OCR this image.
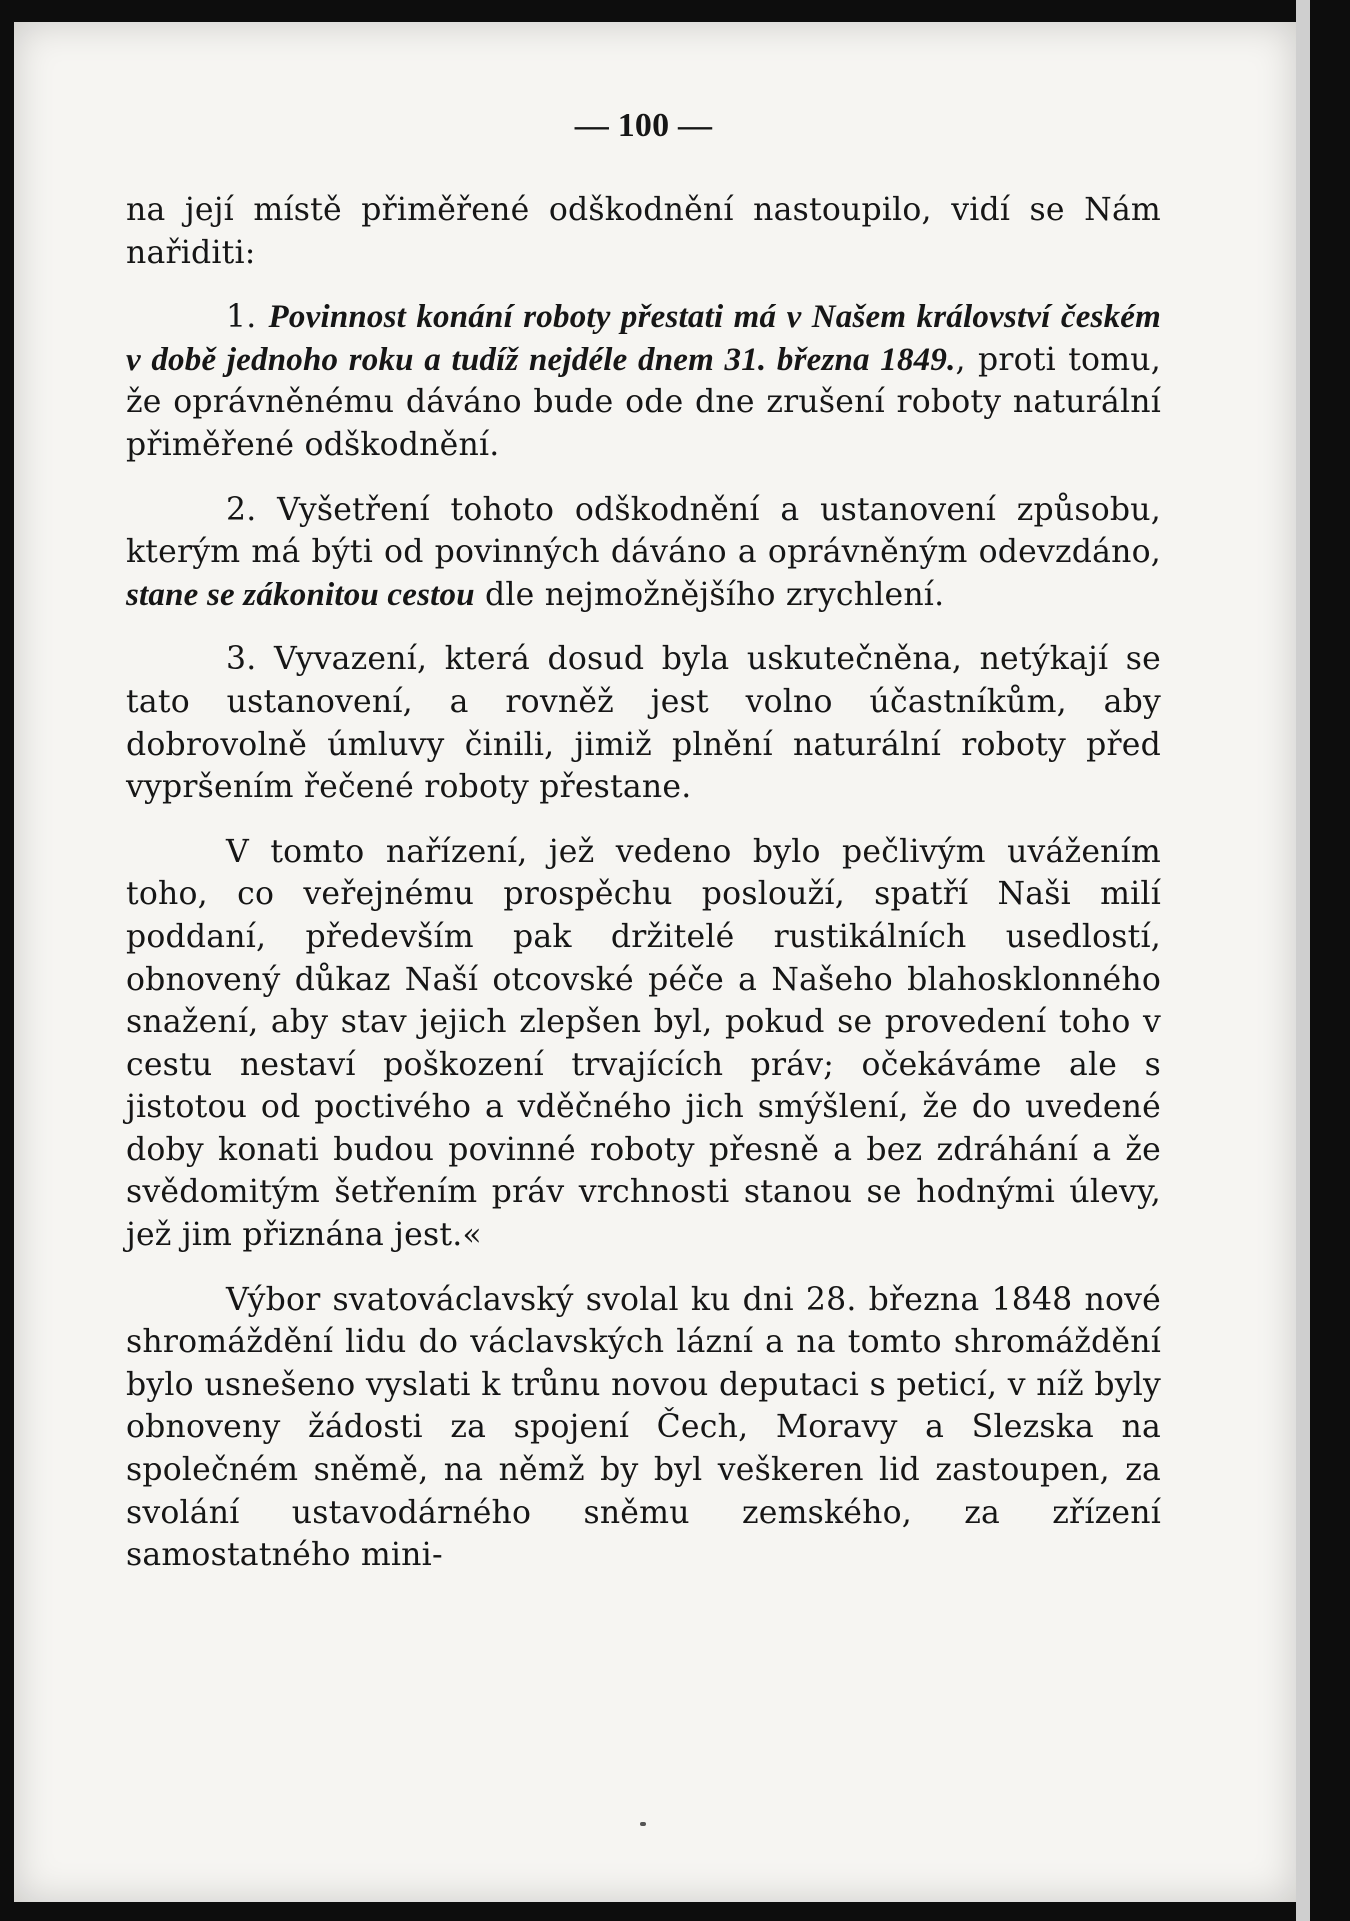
— 100 —

na její místě přiměřené odškodnění nastoupilo, vidí se Nám nařiditi:

1. Povinnost konání roboty přestati má v Našem království českém v době jednoho roku a tudíž nejdéle dnem 31. března 1849., proti tomu, že oprávněnému dáváno bude ode dne zrušení roboty naturální přiměřené odškodnění.

2. Vyšetření tohoto odškodnění a ustanovení způsobu, kterým má býti od povinných dáváno a oprávněným odevzdáno, stane se zákonitou cestou dle nejmožnějšího zrychlení.

3. Vyvazení, která dosud byla uskutečněna, netýkají se tato ustanovení, a rovněž jest volno účastníkům, aby dobrovolně úmluvy činili, jimiž plnění naturální roboty před vypršením řečené roboty přestane.

V tomto nařízení, jež vedeno bylo pečlivým uvážením toho, co veřejnému prospěchu poslouží, spatří Naši milí poddaní, především pak držitelé rustikálních usedlostí, obnovený důkaz Naší otcovské péče a Našeho blahosklonného snažení, aby stav jejich zlepšen byl, pokud se provedení toho v cestu nestaví poškození trvajících práv; očekáváme ale s jistotou od poctivého a vděčného jich smýšlení, že do uvedené doby konati budou povinné roboty přesně a bez zdráhání a že svědomitým šetřením práv vrchnosti stanou se hodnými úlevy, jež jim přiznána jest.«

Výbor svatováclavský svolal ku dni 28. března 1848 nové shromáždění lidu do václavských lázní a na tomto shromáždění bylo usnešeno vyslati k trůnu novou deputaci s peticí, v níž byly obnoveny žádosti za spojení Čech, Moravy a Slezska na společném sněmě, na němž by byl veškeren lid zastoupen, za svolání ustavodárného sněmu zemského, za zřízení samostatného mini-
